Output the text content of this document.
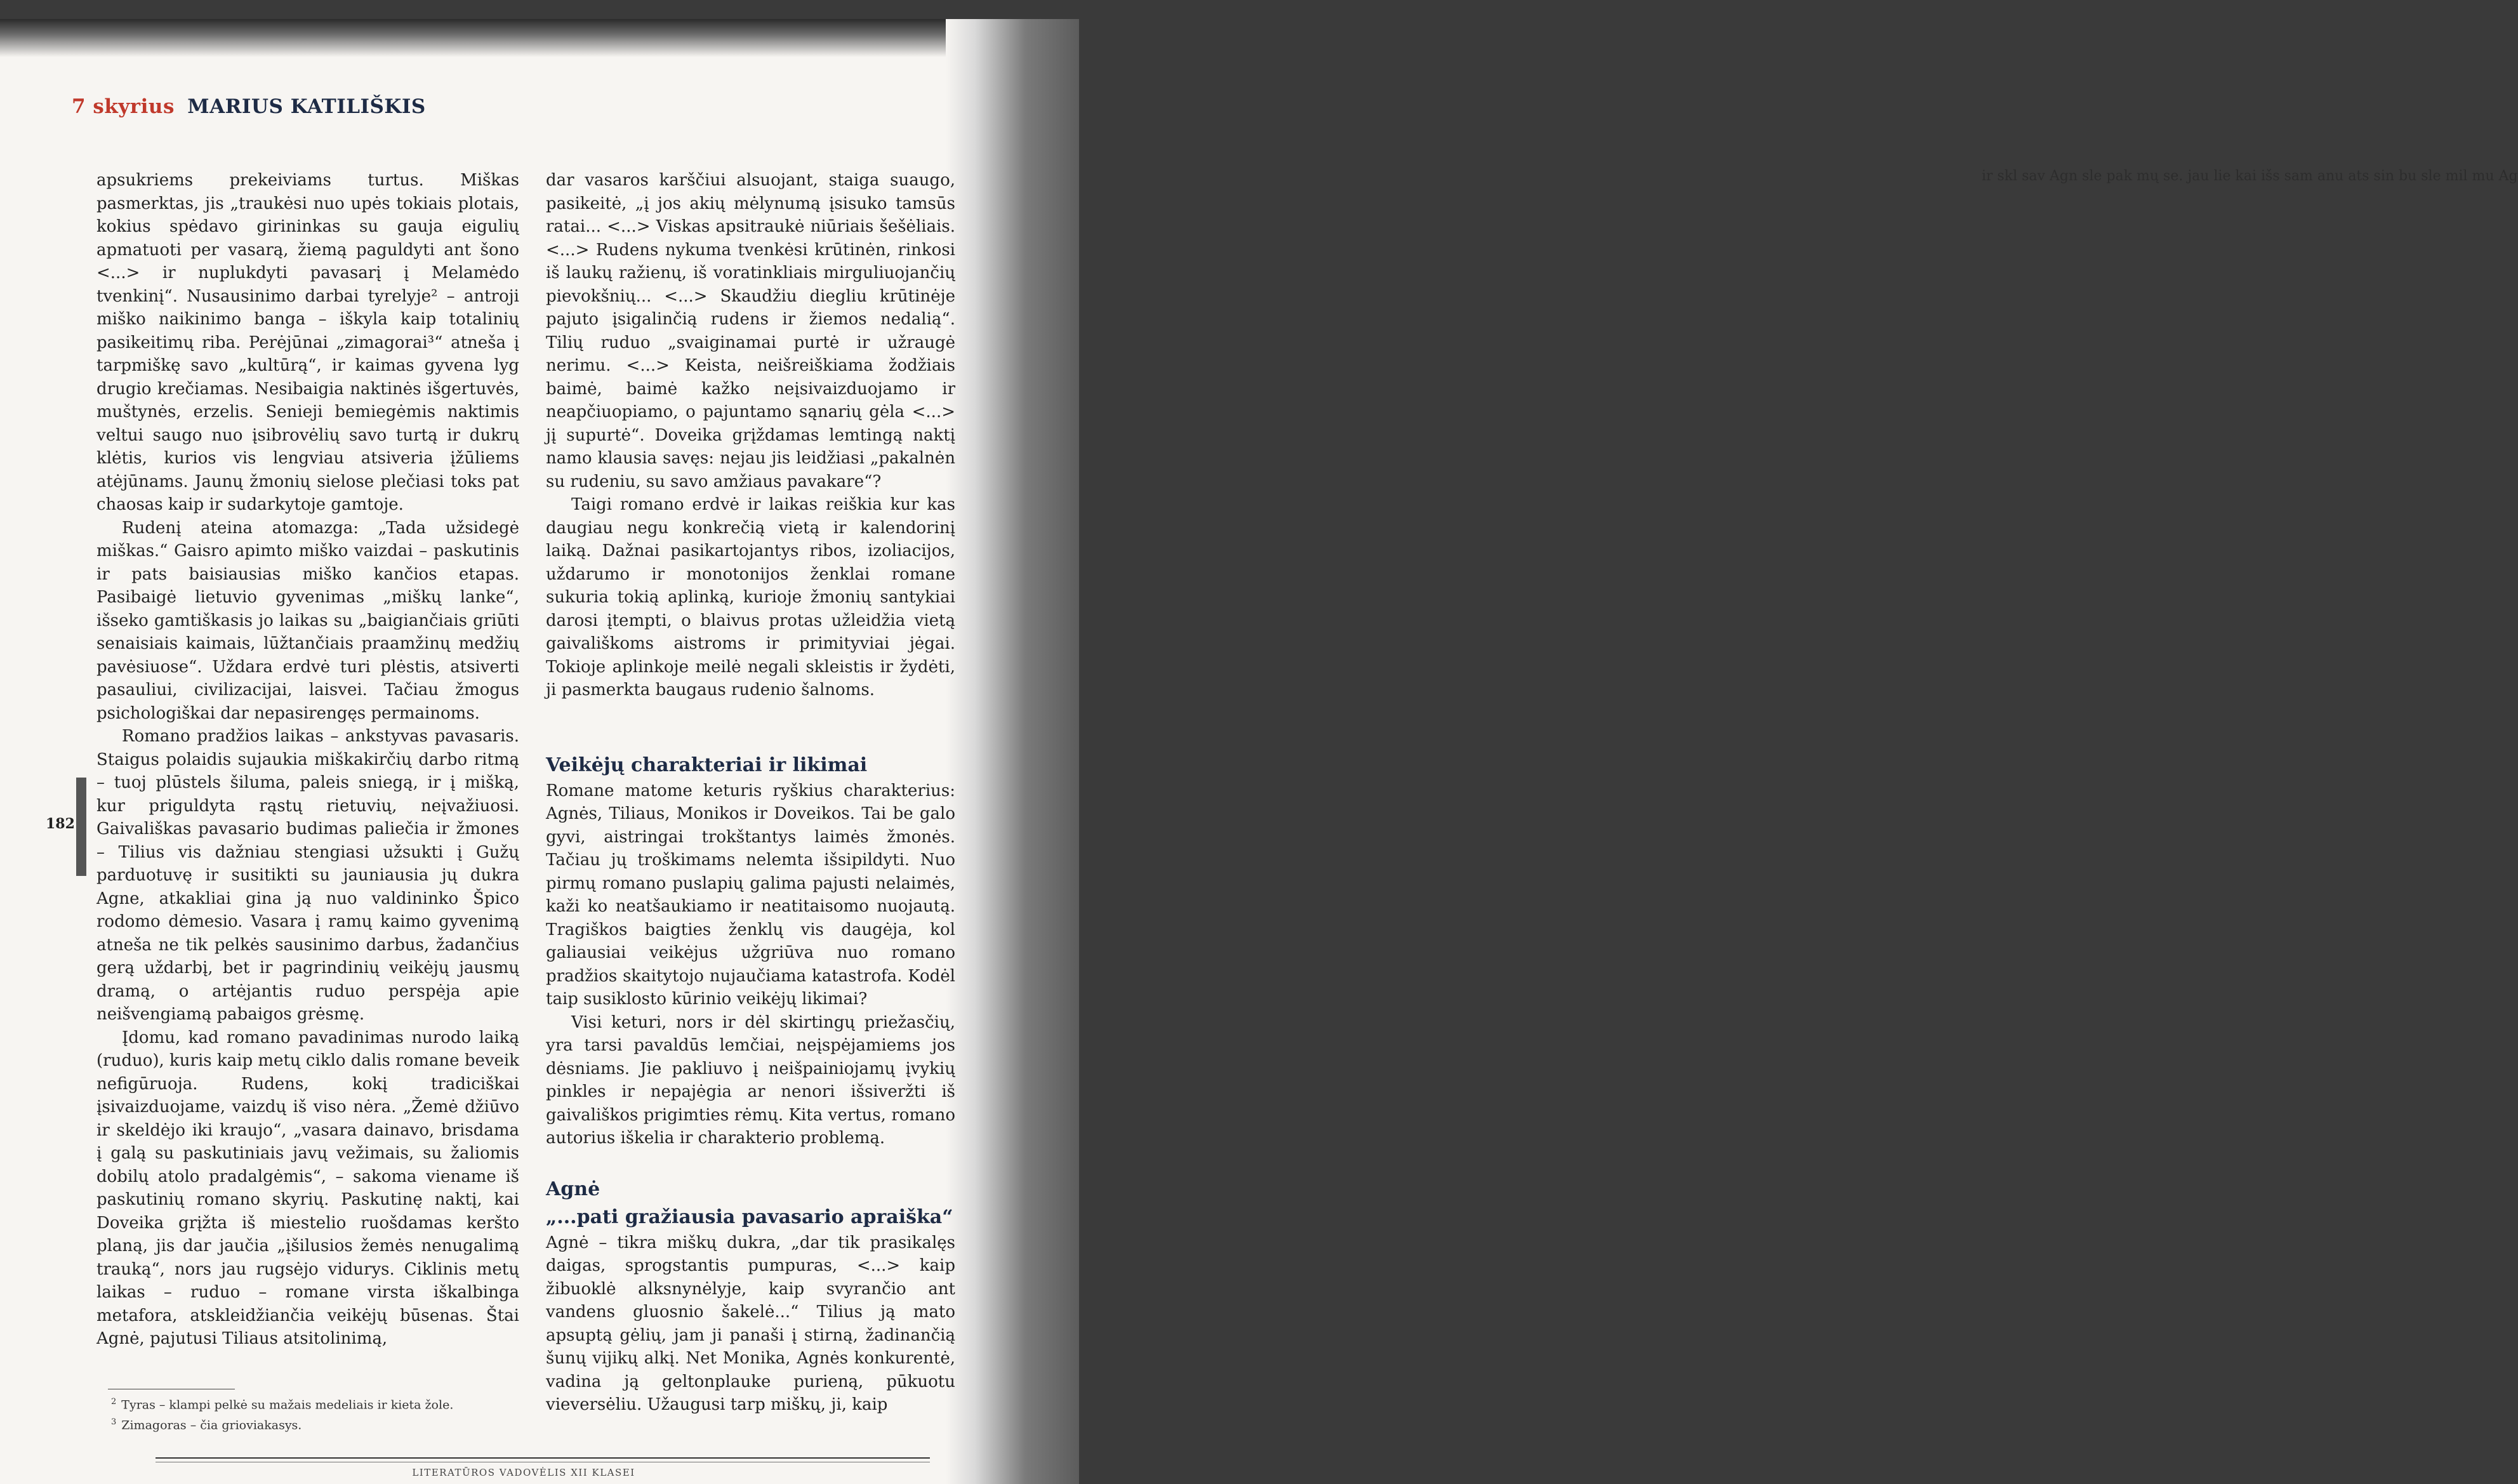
ir skl sav Agn sle pak mų se. jau lie kai išs sam anu ats sin bu sle mil mu Ag
7 skyrius MARIUS KATILIŠKIS
182

apsukriems prekeiviams turtus. Miškas pasmerktas, jis „traukėsi nuo upės tokiais plotais, kokius spėdavo girininkas su gauja eigulių apmatuoti per vasarą, žiemą paguldyti ant šono <...> ir nuplukdyti pavasarį į Melamėdo tvenkinį“. Nusausinimo darbai tyrelyje² – antroji miško naikinimo banga – iškyla kaip totalinių pasikeitimų riba. Perėjūnai „zimagorai³“ atneša į tarpmiškę savo „kultūrą“, ir kaimas gyvena lyg drugio krečiamas. Nesibaigia naktinės išgertuvės, muštynės, erzelis. Senieji bemiegėmis naktimis veltui saugo nuo įsibrovėlių savo turtą ir dukrų klėtis, kurios vis lengviau atsiveria įžūliems atėjūnams. Jaunų žmonių sielose plečiasi toks pat chaosas kaip ir sudarkytoje gamtoje.

Rudenį ateina atomazga: „Tada užsidegė miškas.“ Gaisro apimto miško vaizdai – paskutinis ir pats baisiausias miško kančios etapas. Pasibaigė lietuvio gyvenimas „miškų lanke“, išseko gamtiškasis jo laikas su „baigiančiais griūti senaisiais kaimais, lūžtančiais praamžinų medžių pavėsiuose“. Uždara erdvė turi plėstis, atsiverti pasauliui, civilizacijai, laisvei. Tačiau žmogus psichologiškai dar nepasirengęs permainoms.

Romano pradžios laikas – ankstyvas pavasaris. Staigus polaidis sujaukia miškakirčių darbo ritmą – tuoj plūstels šiluma, paleis sniegą, ir į mišką, kur priguldyta rąstų rietuvių, neįvažiuosi. Gaivališkas pavasario budimas paliečia ir žmones – Tilius vis dažniau stengiasi užsukti į Gužų parduotuvę ir susitikti su jauniausia jų dukra Agne, atkakliai gina ją nuo valdininko Špico rodomo dėmesio. Vasara į ramų kaimo gyvenimą atneša ne tik pelkės sausinimo darbus, žadančius gerą uždarbį, bet ir pagrindinių veikėjų jausmų dramą, o artėjantis ruduo perspėja apie neišvengiamą pabaigos grėsmę.

Įdomu, kad romano pavadinimas nurodo laiką (ruduo), kuris kaip metų ciklo dalis romane beveik nefigūruoja. Rudens, kokį tradiciškai įsivaizduojame, vaizdų iš viso nėra. „Žemė džiūvo ir skeldėjo iki kraujo“, „vasara dainavo, brisdama į galą su paskutiniais javų vežimais, su žaliomis dobilų atolo pradalgėmis“, – sakoma viename iš paskutinių romano skyrių. Paskutinę naktį, kai Doveika grįžta iš miestelio ruošdamas keršto planą, jis dar jaučia „įšilusios žemės nenugalimą trauką“, nors jau rugsėjo vidurys. Ciklinis metų laikas – ruduo – romane virsta iškalbinga metafora, atskleidžiančia veikėjų būsenas. Štai Agnė, pajutusi Tiliaus atsitolinimą,

dar vasaros karščiui alsuojant, staiga suaugo, pasikeitė, „į jos akių mėlynumą įsisuko tamsūs ratai... <...> Viskas apsitraukė niūriais šešėliais. <...> Rudens nykuma tvenkėsi krūtinėn, rinkosi iš laukų ražienų, iš voratinkliais mirguliuojančių pievokšnių... <...> Skaudžiu diegliu krūtinėje pajuto įsigalinčią rudens ir žiemos nedalią“. Tilių ruduo „svaiginamai purtė ir užraugė nerimu. <...> Keista, neišreiškiama žodžiais baimė, baimė kažko neįsivaizduojamo ir neapčiuopiamo, o pajuntamo sąnarių gėla <...> jį supurtė“. Doveika grįždamas lemtingą naktį namo klausia savęs: nejau jis leidžiasi „pakalnėn su rudeniu, su savo amžiaus pavakare“?

Taigi romano erdvė ir laikas reiškia kur kas daugiau negu konkrečią vietą ir kalendorinį laiką. Dažnai pasikartojantys ribos, izoliacijos, uždarumo ir monotonijos ženklai romane sukuria tokią aplinką, kurioje žmonių santykiai darosi įtempti, o blaivus protas užleidžia vietą gaivališkoms aistroms ir primityviai jėgai. Tokioje aplinkoje meilė negali skleistis ir žydėti, ji pasmerkta baugaus rudenio šalnoms.

Veikėjų charakteriai ir likimai

Romane matome keturis ryškius charakterius: Agnės, Tiliaus, Monikos ir Doveikos. Tai be galo gyvi, aistringai trokštantys laimės žmonės. Tačiau jų troškimams nelemta išsipildyti. Nuo pirmų romano puslapių galima pajusti nelaimės, kaži ko neatšaukiamo ir neatitaisomo nuojautą. Tragiškos baigties ženklų vis daugėja, kol galiausiai veikėjus užgriūva nuo romano pradžios skaitytojo nujaučiama katastrofa. Kodėl taip susiklosto kūrinio veikėjų likimai?

Visi keturi, nors ir dėl skirtingų priežasčių, yra tarsi pavaldūs lemčiai, neįspėjamiems jos dėsniams. Jie pakliuvo į neišpainiojamų įvykių pinkles ir nepajėgia ar nenori išsiveržti iš gaivališkos prigimties rėmų. Kita vertus, romano autorius iškelia ir charakterio problemą.

Agnė
„...pati gražiausia pavasario apraiška“

Agnė – tikra miškų dukra, „dar tik prasikalęs daigas, sprogstantis pumpuras, <...> kaip žibuoklė alksnynėlyje, kaip svyrančio ant vandens gluosnio šakelė...“ Tilius ją mato apsuptą gėlių, jam ji panaši į stirną, žadinančią šunų vijikų alkį. Net Monika, Agnės konkurentė, vadina ją geltonplauke purieną, pūkuotu vieversėliu. Užaugusi tarp miškų, ji, kaip

$^2$ Tyras – klampi pelkė su mažais medeliais ir kieta žole.
$^3$ Zimagoras – čia grioviakasys.
LITERATŪROS VADOVĖLIS XII KLASEI
